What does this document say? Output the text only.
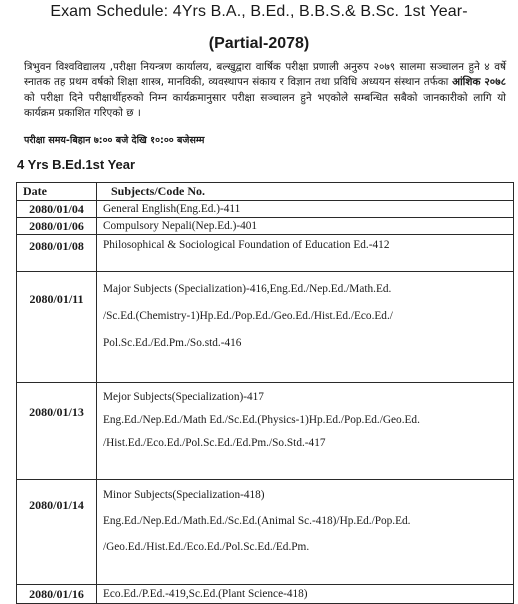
Exam Schedule: 4Yrs B.A., B.Ed., B.B.S.& B.Sc. 1st Year-
(Partial-2078)
त्रिभुवन विश्वविद्यालय ,परीक्षा नियन्त्रण कार्यालय, बल्खुद्वारा वार्षिक परीक्षा प्रणाली अनुरुप २०७९ सालमा सञ्चालन हुने ४ वर्षे स्नातक तह प्रथम वर्षको शिक्षा शास्त्र, मानविकी, व्यवस्थापन संकाय र विज्ञान तथा प्रविधि अध्ययन संस्थान तर्फका आंशिक २०७८ को परीक्षा दिने परीक्षार्थीहरुको निम्न कार्यक्रमानुसार परीक्षा सञ्चालन हुने भएकोले सम्बन्धित सबैको जानकारीको लागि यो कार्यक्रम प्रकाशित गरिएको छ ।
परीक्षा समय-बिहान ७:०० बजे देखि १०:०० बजेसम्म
4 Yrs B.Ed.1st Year
Date	Subjects/Code No.
2080/01/04	General English(Eng.Ed.)-411

2080/01/06	Compulsory Nepali(Nep.Ed.)-401

2080/01/08	Philosophical & Sociological Foundation of Education Ed.-412

2080/01/11	Major Subjects (Specialization)-416,Eng.Ed./Nep.Ed./Math.Ed.
/Sc.Ed.(Chemistry-1)Hp.Ed./Pop.Ed./Geo.Ed./Hist.Ed./Eco.Ed./
Pol.Sc.Ed./Ed.Pm./So.std.-416

2080/01/13	Mejor Subjects(Specialization)-417
Eng.Ed./Nep.Ed./Math Ed./Sc.Ed.(Physics-1)Hp.Ed./Pop.Ed./Geo.Ed.
/Hist.Ed./Eco.Ed./Pol.Sc.Ed./Ed.Pm./So.Std.-417

2080/01/14	Minor Subjects(Specialization-418)
Eng.Ed./Nep.Ed./Math.Ed./Sc.Ed.(Animal Sc.-418)/Hp.Ed./Pop.Ed.
/Geo.Ed./Hist.Ed./Eco.Ed./Pol.Sc.Ed./Ed.Pm.

2080/01/16	Eco.Ed./P.Ed.-419,Sc.Ed.(Plant Science-418)
